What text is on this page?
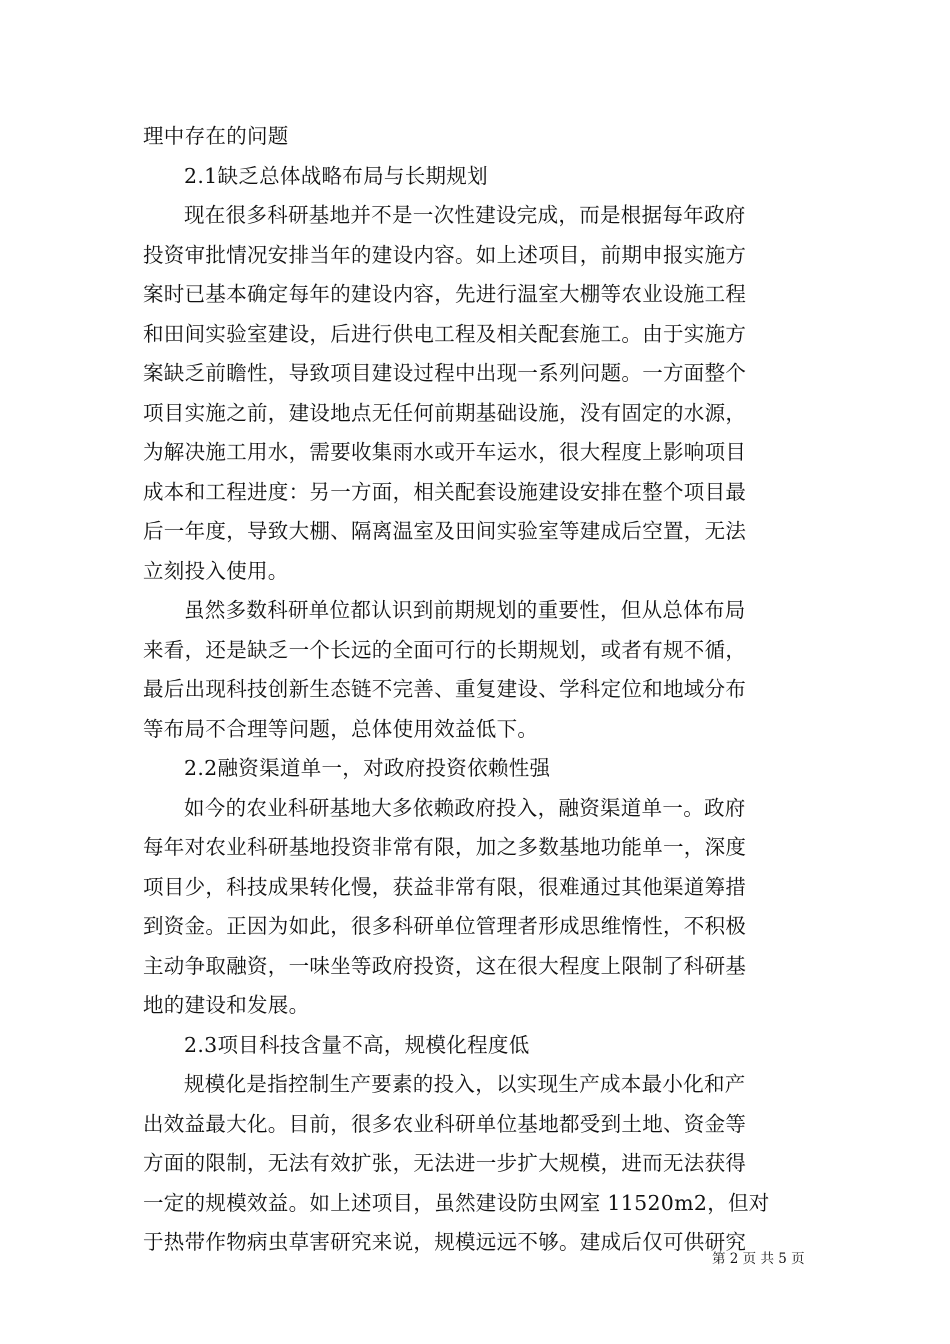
理中存在的问题
2.1缺乏总体战略布局与长期规划
现在很多科研基地并不是一次性建设完成，而是根据每年政府
投资审批情况安排当年的建设内容。如上述项目，前期申报实施方
案时已基本确定每年的建设内容，先进行温室大棚等农业设施工程
和田间实验室建设，后进行供电工程及相关配套施工。由于实施方
案缺乏前瞻性，导致项目建设过程中出现一系列问题。一方面整个
项目实施之前，建设地点无任何前期基础设施，没有固定的水源，
为解决施工用水，需要收集雨水或开车运水，很大程度上影响项目
成本和工程进度：另一方面，相关配套设施建设安排在整个项目最
后一年度，导致大棚、隔离温室及田间实验室等建成后空置，无法
立刻投入使用。
虽然多数科研单位都认识到前期规划的重要性，但从总体布局
来看，还是缺乏一个长远的全面可行的长期规划，或者有规不循，
最后出现科技创新生态链不完善、重复建设、学科定位和地域分布
等布局不合理等问题，总体使用效益低下。
2.2融资渠道单一，对政府投资依赖性强
如今的农业科研基地大多依赖政府投入，融资渠道单一。政府
每年对农业科研基地投资非常有限，加之多数基地功能单一，深度
项目少，科技成果转化慢，获益非常有限，很难通过其他渠道筹措
到资金。正因为如此，很多科研单位管理者形成思维惰性，不积极
主动争取融资，一味坐等政府投资，这在很大程度上限制了科研基
地的建设和发展。
2.3项目科技含量不高，规模化程度低
规模化是指控制生产要素的投入，以实现生产成本最小化和产
出效益最大化。目前，很多农业科研单位基地都受到土地、资金等
方面的限制，无法有效扩张，无法进一步扩大规模，进而无法获得
一定的规模效益。如上述项目，虽然建设防虫网室 11520m2，但对
于热带作物病虫草害研究来说，规模远远不够。建成后仅可供研究
第 2 页 共 5 页
